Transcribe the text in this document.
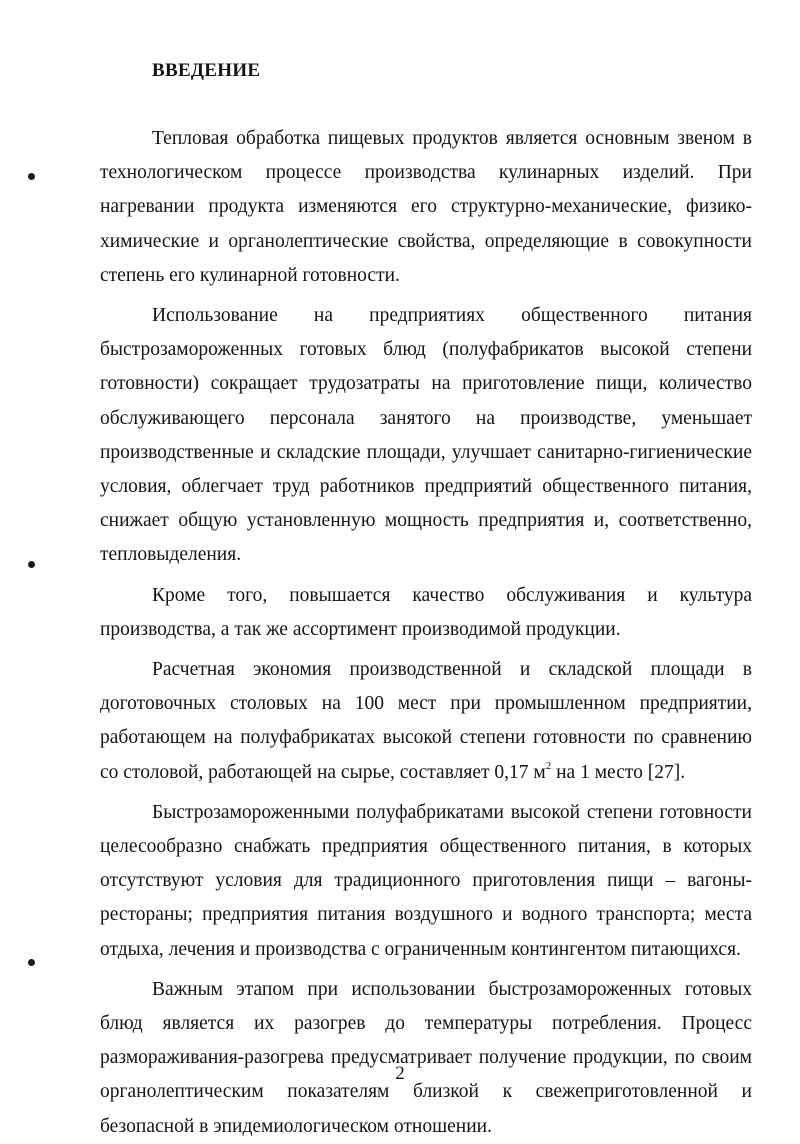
ВВЕДЕНИЕ

Тепловая обработка пищевых продуктов является основным звеном в технологическом процессе производства кулинарных изделий. При нагревании продукта изменяются его структурно-механические, физико-химические и органолептические свойства, определяющие в совокупности степень его кулинарной готовности.

Использование на предприятиях общественного питания быстрозамороженных готовых блюд (полуфабрикатов высокой степени готовности) сокращает трудозатраты на приготовление пищи, количество обслуживающего персонала занятого на производстве, уменьшает производственные и складские площади, улучшает санитарно-гигиенические условия, облегчает труд работников предприятий общественного питания, снижает общую установленную мощность предприятия и, соответственно, тепловыделения.

Кроме того, повышается качество обслуживания и культура производства, а так же ассортимент производимой продукции.

Расчетная экономия производственной и складской площади в доготовочных столовых на 100 мест при промышленном предприятии, работающем на полуфабрикатах высокой степени готовности по сравнению со столовой, работающей на сырье, составляет 0,17 $м^2$ на 1 место [27].

Быстрозамороженными полуфабрикатами высокой степени готовности целесообразно снабжать предприятия общественного питания, в которых отсутствуют условия для традиционного приготовления пищи – вагоны-рестораны; предприятия питания воздушного и водного транспорта; места отдыха, лечения и производства с ограниченным контингентом питающихся.

Важным этапом при использовании быстрозамороженных готовых блюд является их разогрев до температуры потребления. Процесс размораживания-разогрева предусматривает получение продукции, по своим органолептическим показателям близкой к свежеприготовленной и безопасной в эпидемиологическом отношении.

2
